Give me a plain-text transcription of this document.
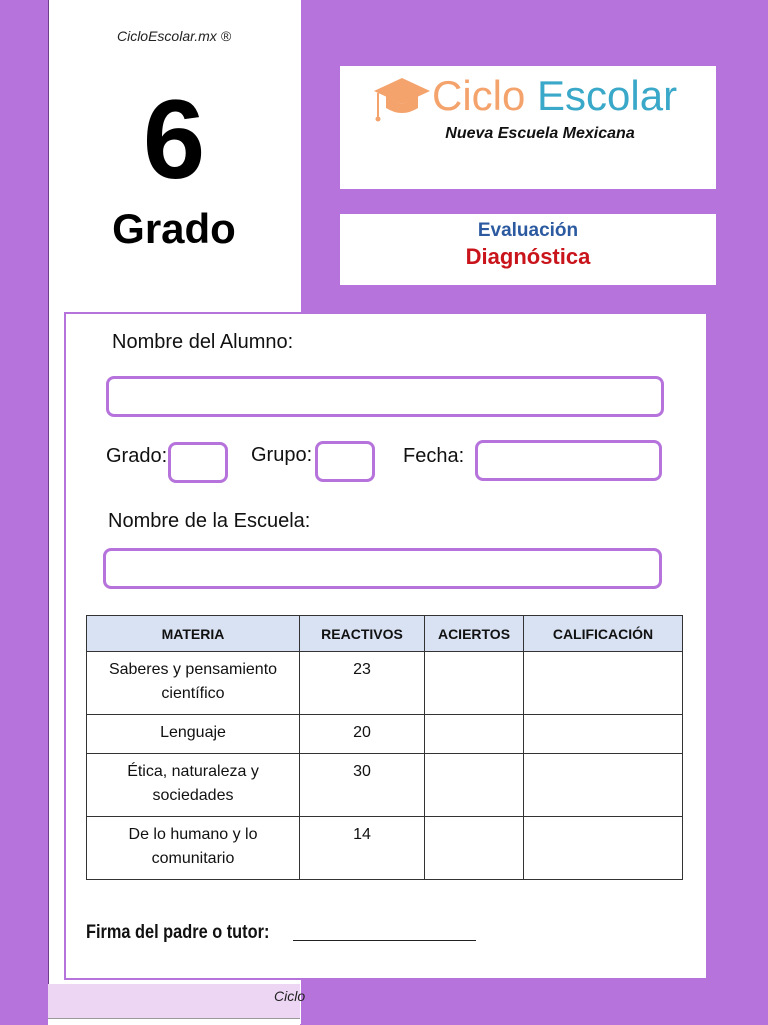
CicloEscolar.mx ®
6
Grado
Ciclo Escolar
Nueva Escuela Mexicana
Evaluación
Diagnóstica
Nombre del Alumno:
Grado:	Grupo:	Fecha:
Nombre de la Escuela:
MATERIA	REACTIVOS	ACIERTOS	CALIFICACIÓN
Saberes y pensamiento científico	23		
Lenguaje	20		
Ética, naturaleza y sociedades	30		
De lo humano y lo comunitario	14		
Firma del padre o tutor:
Ciclo
